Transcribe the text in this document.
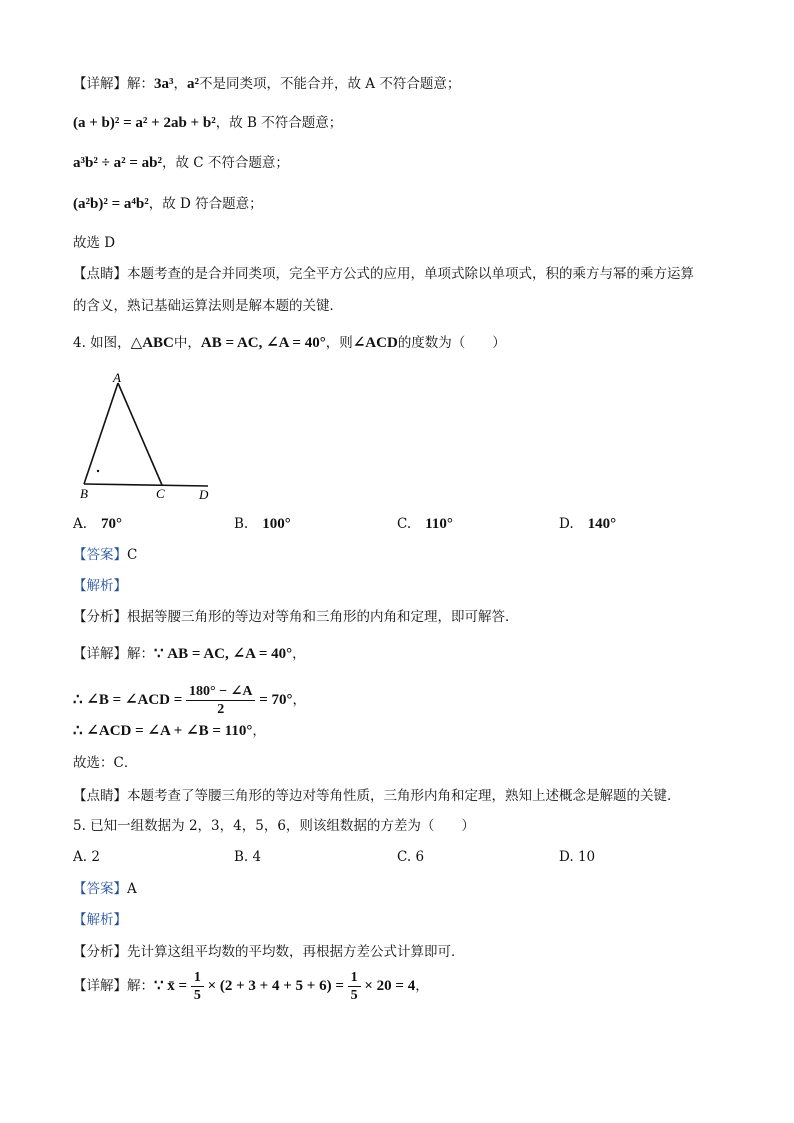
【详解】解：3a³，a²不是同类项，不能合并，故 A 不符合题意；
(a + b)² = a² + 2ab + b²，故 B 不符合题意；
a³b² ÷ a² = ab²，故 C 不符合题意；
(a²b)² = a⁴b²，故 D 符合题意；
故选 D
【点睛】本题考查的是合并同类项，完全平方公式的应用，单项式除以单项式，积的乘方与幂的乘方运算
的含义，熟记基础运算法则是解本题的关键．
4. 如图，△ABC中，AB = AC, ∠A = 40°，则∠ACD的度数为（　　）
A
B	C	D
A. 70°	B. 100°	C. 110°	D. 140°
【答案】C
【解析】
【分析】根据等腰三角形的等边对等角和三角形的内角和定理，即可解答．
【详解】解：∵ AB = AC, ∠A = 40°，
∴ ∠B = ∠ACD = $\frac{180^\circ - \angle A}{2} = 70^\circ$，
∴ ∠ACD = ∠A + ∠B = 110°，
故选：C．
【点睛】本题考查了等腰三角形的等边对等角性质，三角形内角和定理，熟知上述概念是解题的关键．
5. 已知一组数据为 2，3，4，5，6，则该组数据的方差为（　　）
A. 2	B. 4	C. 6	D. 10
【答案】A
【解析】
【分析】先计算这组平均数的平均数，再根据方差公式计算即可．
【详解】解：∵ x̄ = $\frac{1}{5} \times (2 + 3 + 4 + 5 + 6) = \frac{1}{5} \times 20 = 4$，
